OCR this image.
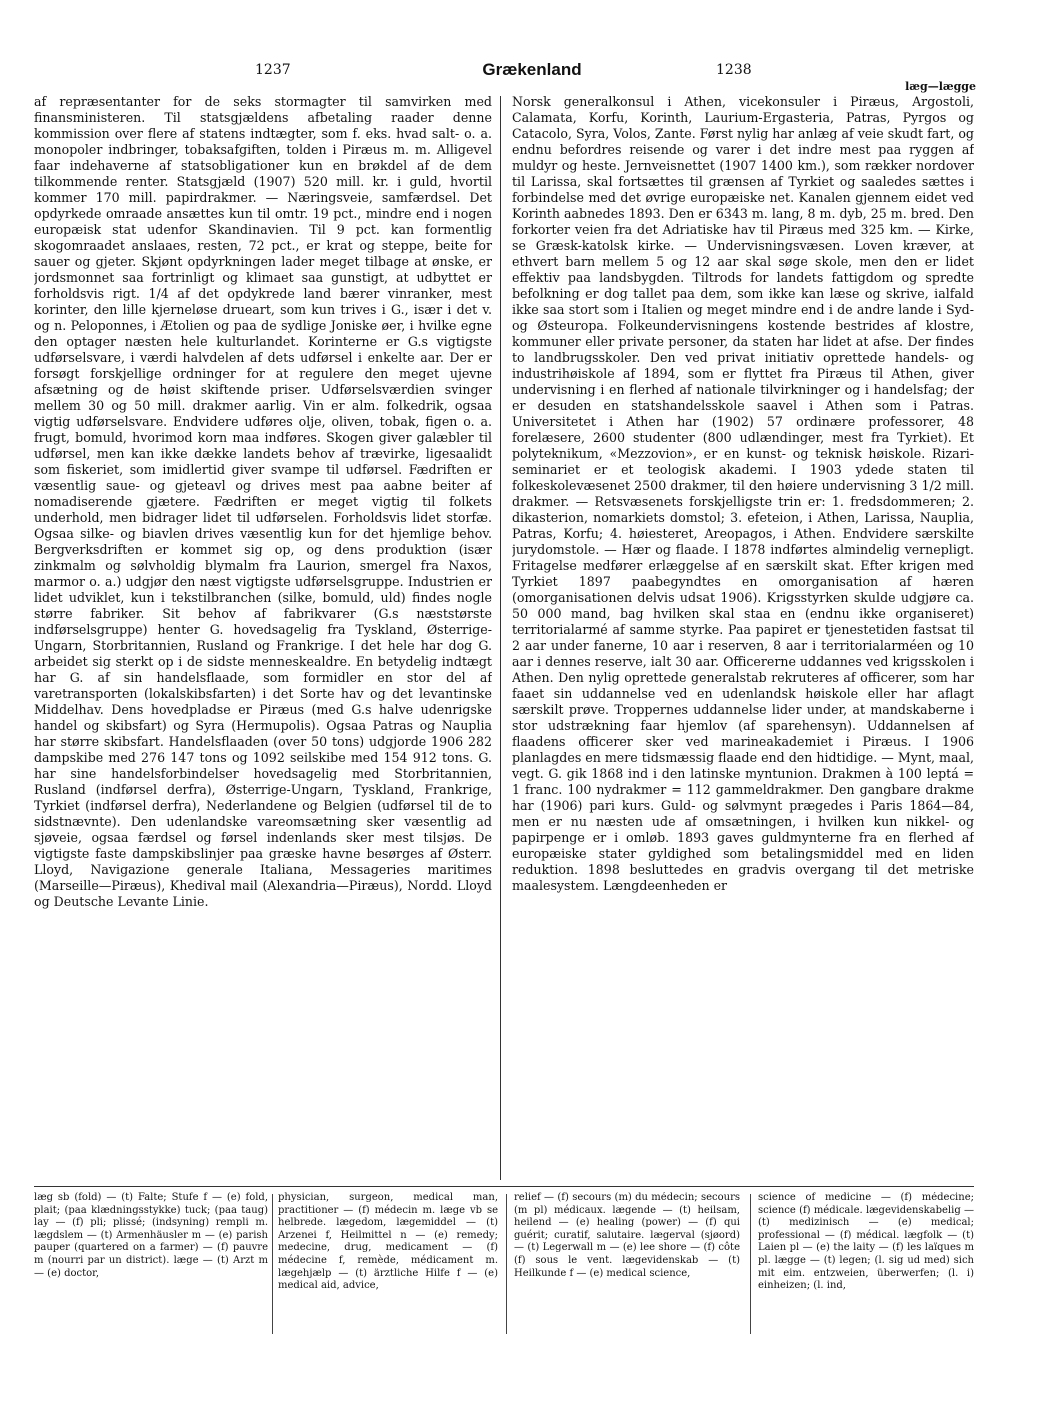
1237	Grækenland	1238
læg—lægge
af repræsentanter for de seks stormagter til samvirken med finansministeren. Til statsgjældens afbetaling raader denne kommission over flere af statens indtægter, som f. eks. hvad salt- o. a. monopoler indbringer, tobaksafgiften, tolden i Piræus m. m. Alligevel faar indehaverne af statsobligationer kun en brøkdel af de dem tilkommende renter. Statsgjæld (1907) 520 mill. kr. i guld, hvortil kommer 170 mill. papirdrakmer. — Næringsveie, samfærdsel. Det opdyrkede omraade ansættes kun til omtr. 19 pct., mindre end i nogen europæisk stat udenfor Skandinavien. Til 9 pct. kan formentlig skogomraadet anslaaes, resten, 72 pct., er krat og steppe, beite for sauer og gjeter. Skjønt opdyrkningen lader meget tilbage at ønske, er jordsmonnet saa fortrinligt og klimaet saa gunstigt, at udbyttet er forholdsvis rigt. 1/4 af det opdykrede land bærer vinranker, mest korinter, den lille kjerneløse drueart, som kun trives i G., især i det v. og n. Peloponnes, i Ætolien og paa de sydlige Joniske øer, i hvilke egne den optager næsten hele kulturlandet. Korinterne er G.s vigtigste udførselsvare, i værdi halvdelen af dets udførsel i enkelte aar. Der er forsøgt forskjellige ordninger for at regulere den meget ujevne afsætning og de høist skiftende priser. Udførselsværdien svinger mellem 30 og 50 mill. drakmer aarlig. Vin er alm. folkedrik, ogsaa vigtig udførselsvare. Endvidere udføres olje, oliven, tobak, figen o. a. frugt, bomuld, hvorimod korn maa indføres. Skogen giver galæbler til udførsel, men kan ikke dække landets behov af trævirke, ligesaalidt som fiskeriet, som imidlertid giver svampe til udførsel. Fædriften er væsentlig saue- og gjeteavl og drives mest paa aabne beiter af nomadiserende gjætere. Fædriften er meget vigtig til folkets underhold, men bidrager lidet til udførselen. Forholdsvis lidet storfæ. Ogsaa silke- og biavlen drives væsentlig kun for det hjemlige behov. Bergverksdriften er kommet sig op, og dens produktion (især zinkmalm og sølvholdig blymalm fra Laurion, smergel fra Naxos, marmor o. a.) udgjør den næst vigtigste udførselsgruppe. Industrien er lidet udviklet, kun i tekstilbranchen (silke, bomuld, uld) findes nogle større fabriker. Sit behov af fabrikvarer (G.s næststørste indførselsgruppe) henter G. hovedsagelig fra Tyskland, Østerrige-Ungarn, Storbritannien, Rusland og Frankrige. I det hele har dog G. arbeidet sig sterkt op i de sidste menneskealdre. En betydelig indtægt har G. af sin handelsflaade, som formidler en stor del af varetransporten (lokalskibsfarten) i det Sorte hav og det levantinske Middelhav. Dens hovedpladse er Piræus (med G.s halve udenrigske handel og skibsfart) og Syra (Hermupolis). Ogsaa Patras og Nauplia har større skibsfart. Handelsflaaden (over 50 tons) udgjorde 1906 282 dampskibe med 276 147 tons og 1092 seilskibe med 154 912 tons. G. har sine handelsforbindelser hovedsagelig med Storbritannien, Rusland (indførsel derfra), Østerrige-Ungarn, Tyskland, Frankrige, Tyrkiet (indførsel derfra), Nederlandene og Belgien (udførsel til de to sidstnævnte). Den udenlandske vareomsætning sker væsentlig ad sjøveie, ogsaa færdsel og førsel indenlands sker mest tilsjøs. De vigtigste faste dampskibslinjer paa græske havne besørges af Østerr. Lloyd, Navigazione generale Italiana, Messageries maritimes (Marseille—Piræus), Khedival mail (Alexandria—Piræus), Nordd. Lloyd og Deutsche Levante Linie.
Norsk generalkonsul i Athen, vicekonsuler i Piræus, Argostoli, Calamata, Korfu, Korinth, Laurium-Ergasteria, Patras, Pyrgos og Catacolo, Syra, Volos, Zante. Først nylig har anlæg af veie skudt fart, og endnu befordres reisende og varer i det indre mest paa ryggen af muldyr og heste. Jernveisnettet (1907 1400 km.), som rækker nordover til Larissa, skal fortsættes til grænsen af Tyrkiet og saaledes sættes i forbindelse med det øvrige europæiske net. Kanalen gjennem eidet ved Korinth aabnedes 1893. Den er 6343 m. lang, 8 m. dyb, 25 m. bred. Den forkorter veien fra det Adriatiske hav til Piræus med 325 km. — Kirke, se Græsk-katolsk kirke. — Undervisningsvæsen. Loven kræver, at ethvert barn mellem 5 og 12 aar skal søge skole, men den er lidet effektiv paa landsbygden. Tiltrods for landets fattigdom og spredte befolkning er dog tallet paa dem, som ikke kan læse og skrive, ialfald ikke saa stort som i Italien og meget mindre end i de andre lande i Syd- og Østeuropa. Folkeundervisningens kostende bestrides af klostre, kommuner eller private personer, da staten har lidet at afse. Der findes to landbrugsskoler. Den ved privat initiativ oprettede handels- og industrihøiskole af 1894, som er flyttet fra Piræus til Athen, giver undervisning i en flerhed af nationale tilvirkninger og i handelsfag; der er desuden en statshandelsskole saavel i Athen som i Patras. Universitetet i Athen har (1902) 57 ordinære professorer, 48 forelæsere, 2600 studenter (800 udlændinger, mest fra Tyrkiet). Et polyteknikum, «Mezzovion», er en kunst- og teknisk høiskole. Rizari-seminariet er et teologisk akademi. I 1903 ydede staten til folkeskolevæsenet 2500 drakmer, til den høiere undervisning 3 1/2 mill. drakmer. — Retsvæsenets forskjelligste trin er: 1. fredsdommeren; 2. dikasterion, nomarkiets domstol; 3. efeteion, i Athen, Larissa, Nauplia, Patras, Korfu; 4. høiesteret, Areopagos, i Athen. Endvidere særskilte jurydomstole. — Hær og flaade. I 1878 indførtes almindelig vernepligt. Fritagelse medfører erlæggelse af en særskilt skat. Efter krigen med Tyrkiet 1897 paabegyndtes en omorganisation af hæren (omorganisationen delvis udsat 1906). Krigsstyrken skulde udgjøre ca. 50 000 mand, bag hvilken skal staa en (endnu ikke organiseret) territorialarmé af samme styrke. Paa papiret er tjenestetiden fastsat til 2 aar under fanerne, 10 aar i reserven, 8 aar i territorialarméen og 10 aar i dennes reserve, ialt 30 aar. Officererne uddannes ved krigsskolen i Athen. Den nylig oprettede generalstab rekruteres af officerer, som har faaet sin uddannelse ved en udenlandsk høiskole eller har aflagt særskilt prøve. Troppernes uddannelse lider under, at mandskaberne i stor udstrækning faar hjemlov (af sparehensyn). Uddannelsen af flaadens officerer sker ved marineakademiet i Piræus. I 1906 planlagdes en mere tidsmæssig flaade end den hidtidige. — Mynt, maal, vegt. G. gik 1868 ind i den latinske myntunion. Drakmen à 100 leptá = 1 franc. 100 nydrakmer = 112 gammeldrakmer. Den gangbare drakme har (1906) pari kurs. Guld- og sølvmynt prægedes i Paris 1864—84, men er nu næsten ude af omsætningen, i hvilken kun nikkel- og papirpenge er i omløb. 1893 gaves guldmynterne fra en flerhed af europæiske stater gyldighed som betalingsmiddel med en liden reduktion. 1898 besluttedes en gradvis overgang til det metriske maalesystem. Længdeenheden er
læg sb (fold) — (t) Falte; Stufe f — (e) fold, plait; (paa klædningsstykke) tuck; (paa taug) lay — (f) pli; plissé; (indsyning) rempli m. lægdslem — (t) Armenhäusler m — (e) parish pauper (quartered on a farmer) — (f) pauvre m (nourri par un district). læge — (t) Arzt m — (e) doctor,
physician, surgeon, medical man, practitioner — (f) médecin m. læge vb se helbrede. lægedom, lægemiddel — (t) Arzenei f, Heilmittel n — (e) remedy; medecine, drug, medicament — (f) médecine f, remède, médicament m. lægehjælp — (t) ärztliche Hilfe f — (e) medical aid, advice,
relief — (f) secours (m) du médecin; secours (m pl) médicaux. lægende — (t) heilsam, heilend — (e) healing (power) — (f) qui guérit; curatif, salutaire. lægerval (sjøord) — (t) Legerwall m — (e) lee shore — (f) côte (f) sous le vent. lægevidenskab — (t) Heilkunde f — (e) medical science,
science of medicine — (f) médecine; science (f) médicale. lægevidenskabelig — (t) medizinisch — (e) medical; professional — (f) médical. lægfolk — (t) Laien pl — (e) the laity — (f) les laïques m pl. lægge — (t) legen; (l. sig ud med) sich mit eim. entzweien, überwerfen; (l. i) einheizen; (l. ind,
